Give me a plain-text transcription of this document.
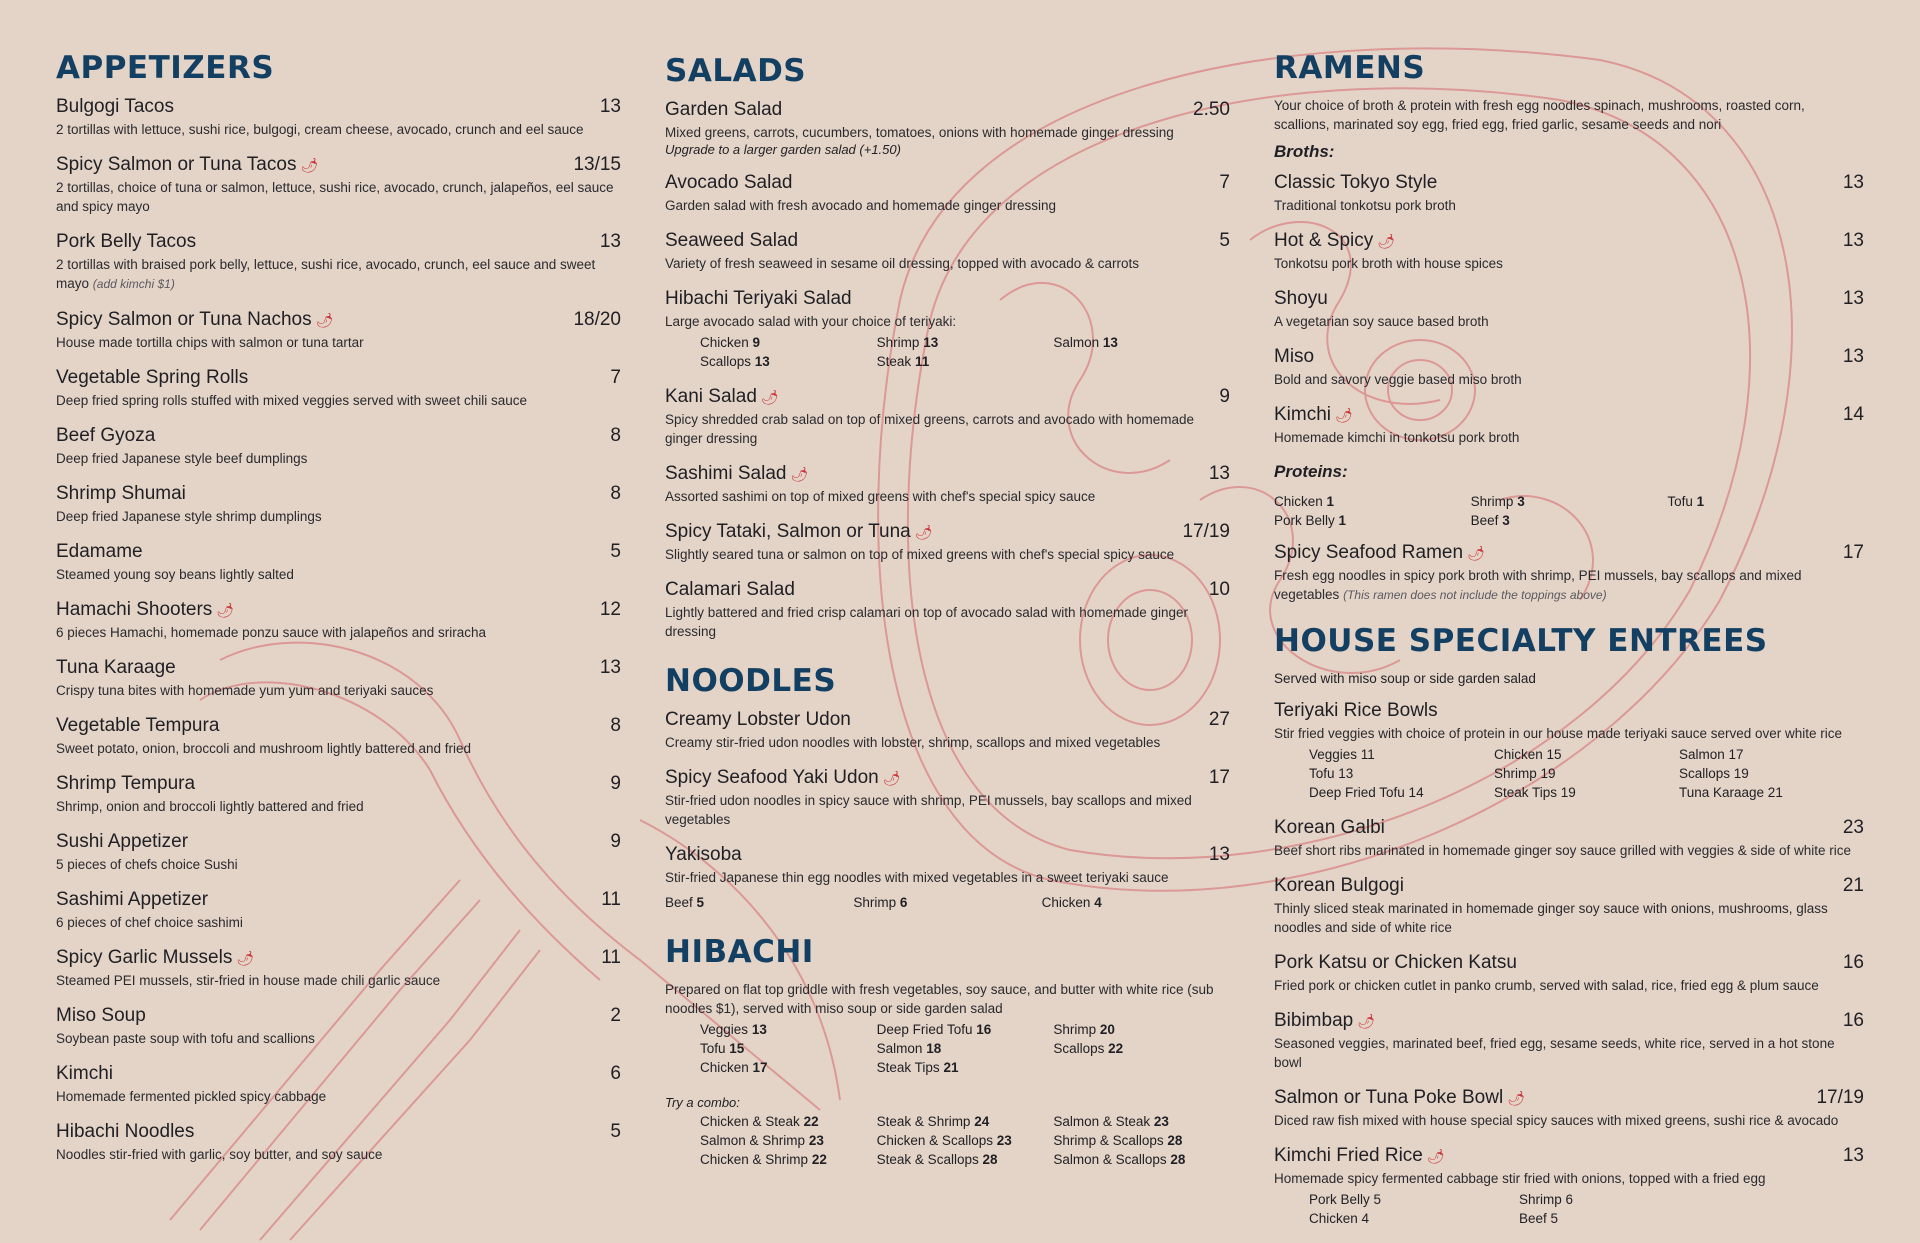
APPETIZERS
Bulgogi Tacos	13
2 tortillas with lettuce, sushi rice, bulgogi, cream cheese, avocado, crunch and eel sauce
Spicy Salmon or Tuna Tacos 🌶	13/15
2 tortillas, choice of tuna or salmon, lettuce, sushi rice, avocado, crunch, jalapeños, eel sauce and spicy mayo
Pork Belly Tacos	13
2 tortillas with braised pork belly, lettuce, sushi rice, avocado, crunch, eel sauce and sweet mayo (add kimchi $1)
Spicy Salmon or Tuna Nachos 🌶	18/20
House made tortilla chips with salmon or tuna tartar
Vegetable Spring Rolls	7
Deep fried spring rolls stuffed with mixed veggies served with sweet chili sauce
Beef Gyoza	8
Deep fried Japanese style beef dumplings
Shrimp Shumai	8
Deep fried Japanese style shrimp dumplings
Edamame	5
Steamed young soy beans lightly salted
Hamachi Shooters 🌶	12
6 pieces Hamachi, homemade ponzu sauce with jalapeños and sriracha
Tuna Karaage	13
Crispy tuna bites with homemade yum yum and teriyaki sauces
Vegetable Tempura	8
Sweet potato, onion, broccoli and mushroom lightly battered and fried
Shrimp Tempura	9
Shrimp, onion and broccoli lightly battered and fried
Sushi Appetizer	9
5 pieces of chefs choice Sushi
Sashimi Appetizer	11
6 pieces of chef choice sashimi
Spicy Garlic Mussels 🌶	11
Steamed PEI mussels, stir-fried in house made chili garlic sauce
Miso Soup	2
Soybean paste soup with tofu and scallions
Kimchi	6
Homemade fermented pickled spicy cabbage
Hibachi Noodles	5
Noodles stir-fried with garlic, soy butter, and soy sauce
SALADS
Garden Salad	2.50
Mixed greens, carrots, cucumbers, tomatoes, onions with homemade ginger dressing
Upgrade to a larger garden salad (+1.50)
Avocado Salad	7
Garden salad with fresh avocado and homemade ginger dressing
Seaweed Salad	5
Variety of fresh seaweed in sesame oil dressing, topped with avocado & carrots
Hibachi Teriyaki Salad
Large avocado salad with your choice of teriyaki:
Chicken 9	Shrimp 13	Salmon 13
Scallops 13	Steak 11
Kani Salad 🌶	9
Spicy shredded crab salad on top of mixed greens, carrots and avocado with homemade ginger dressing
Sashimi Salad 🌶	13
Assorted sashimi on top of mixed greens with chef's special spicy sauce
Spicy Tataki, Salmon or Tuna 🌶	17/19
Slightly seared tuna or salmon on top of mixed greens with chef's special spicy sauce
Calamari Salad	10
Lightly battered and fried crisp calamari on top of avocado salad with homemade ginger dressing
NOODLES
Creamy Lobster Udon	27
Creamy stir-fried udon noodles with lobster, shrimp, scallops and mixed vegetables
Spicy Seafood Yaki Udon 🌶	17
Stir-fried udon noodles in spicy sauce with shrimp, PEI mussels, bay scallops and mixed vegetables
Yakisoba	13
Stir-fried Japanese thin egg noodles with mixed vegetables in a sweet teriyaki sauce
Beef 5	Shrimp 6	Chicken 4
HIBACHI
Prepared on flat top griddle with fresh vegetables, soy sauce, and butter with white rice (sub noodles $1), served with miso soup or side garden salad
Veggies 13	Deep Fried Tofu 16	Shrimp 20
Tofu 15	Salmon 18	Scallops 22
Chicken 17	Steak Tips 21
Try a combo:
Chicken & Steak 22	Steak & Shrimp 24	Salmon & Steak 23
Salmon & Shrimp 23	Chicken & Scallops 23	Shrimp & Scallops 28
Chicken & Shrimp 22	Steak & Scallops 28	Salmon & Scallops 28
RAMENS
Your choice of broth & protein with fresh egg noodles spinach, mushrooms, roasted corn, scallions, marinated soy egg, fried egg, fried garlic, sesame seeds and nori
Broths:
Classic Tokyo Style	13
Traditional tonkotsu pork broth
Hot & Spicy 🌶	13
Tonkotsu pork broth with house spices
Shoyu	13
A vegetarian soy sauce based broth
Miso	13
Bold and savory veggie based miso broth
Kimchi 🌶	14
Homemade kimchi in tonkotsu pork broth
Proteins:
Chicken 1	Shrimp 3	Tofu 1
Pork Belly 1	Beef 3
Spicy Seafood Ramen 🌶	17
Fresh egg noodles in spicy pork broth with shrimp, PEI mussels, bay scallops and mixed vegetables (This ramen does not include the toppings above)
HOUSE SPECIALTY ENTREES
Served with miso soup or side garden salad
Teriyaki Rice Bowls
Stir fried veggies with choice of protein in our house made teriyaki sauce served over white rice
Veggies 11	Chicken 15	Salmon 17
Tofu 13	Shrimp 19	Scallops 19
Deep Fried Tofu 14	Steak Tips 19	Tuna Karaage 21
Korean Galbi	23
Beef short ribs marinated in homemade ginger soy sauce grilled with veggies & side of white rice
Korean Bulgogi	21
Thinly sliced steak marinated in homemade ginger soy sauce with onions, mushrooms, glass noodles and side of white rice
Pork Katsu or Chicken Katsu	16
Fried pork or chicken cutlet in panko crumb, served with salad, rice, fried egg & plum sauce
Bibimbap 🌶	16
Seasoned veggies, marinated beef, fried egg, sesame seeds, white rice, served in a hot stone bowl
Salmon or Tuna Poke Bowl 🌶	17/19
Diced raw fish mixed with house special spicy sauces with mixed greens, sushi rice & avocado
Kimchi Fried Rice 🌶	13
Homemade spicy fermented cabbage stir fried with onions, topped with a fried egg
Pork Belly 5	Shrimp 6
Chicken 4	Beef 5
